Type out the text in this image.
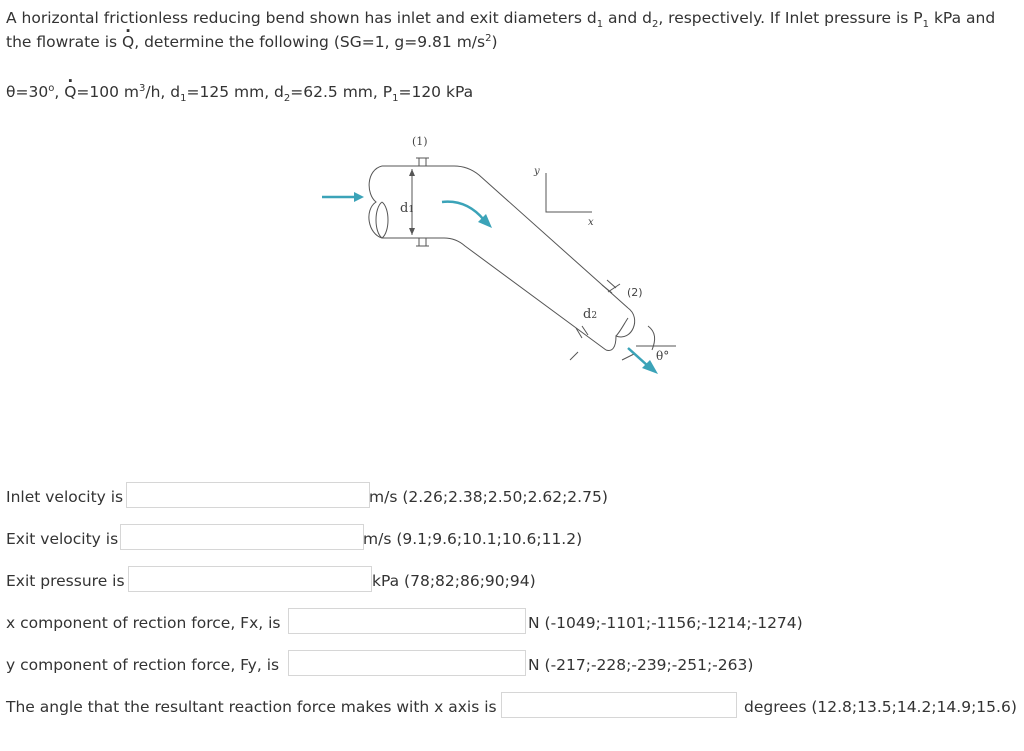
A horizontal frictionless reducing bend shown has inlet and exit diameters $d_1$ and $d_2$, respectively. If Inlet pressure is $P_1$ kPa and the flowrate is · Q, determine the following (SG=1, g=9.81 $m/s^2$)
$\theta=30^o$, · Q=100 $m^3/h$, $d_1=125$ mm, $d_2=62.5$ mm, $P_1=120$ kPa
(1)
(2)
d1
d2
y
x
θ°
Inlet velocity is	m/s (2.26;2.38;2.50;2.62;2.75)
Exit velocity is	m/s (9.1;9.6;10.1;10.6;11.2)
Exit pressure is	kPa (78;82;86;90;94)
x component of rection force, Fx, is	N (-1049;-1101;-1156;-1214;-1274)
y component of rection force, Fy, is	N (-217;-228;-239;-251;-263)
The angle that the resultant reaction force makes with x axis is	degrees (12.8;13.5;14.2;14.9;15.6)
